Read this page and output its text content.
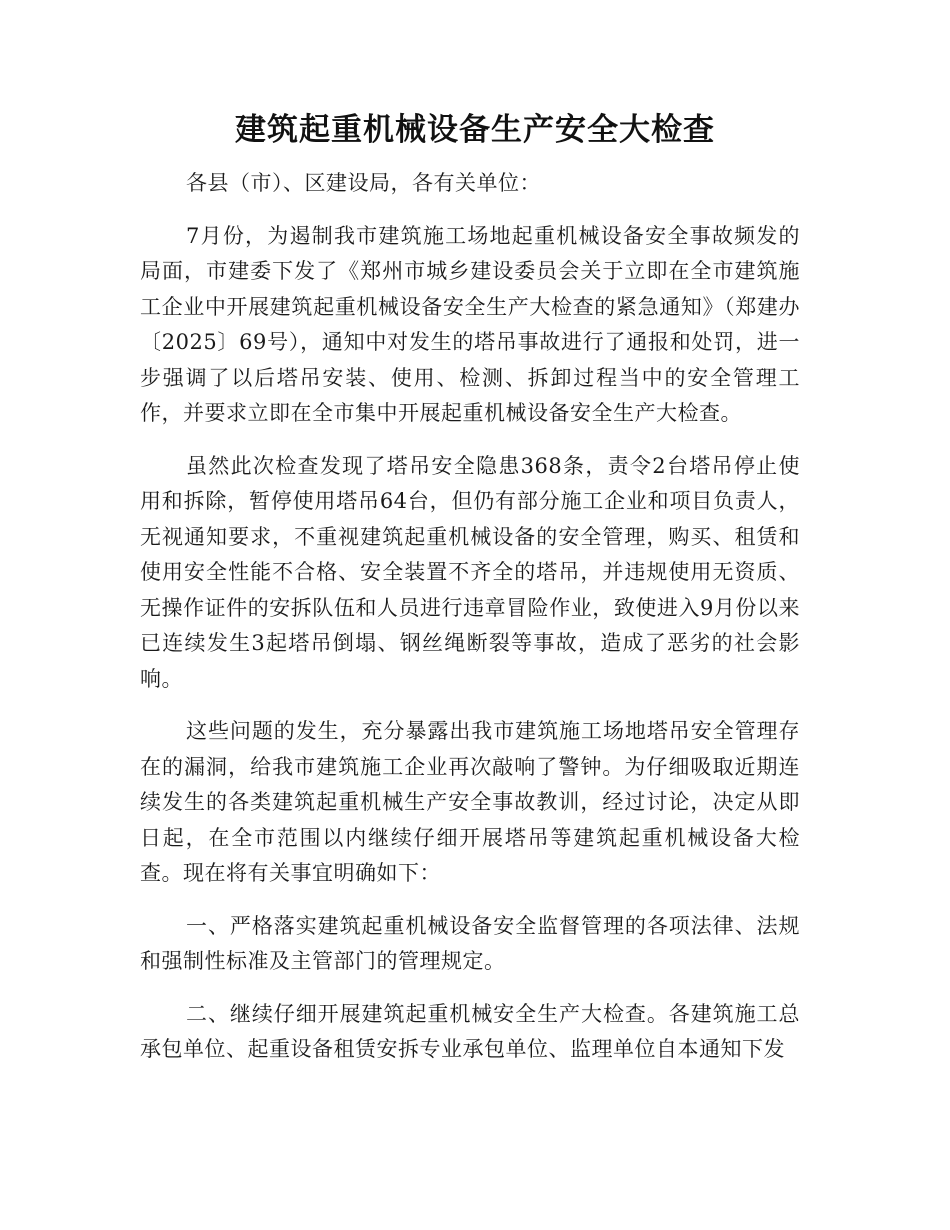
建筑起重机械设备生产安全大检查

各县（市）、区建设局，各有关单位：

7月份，为遏制我市建筑施工场地起重机械设备安全事故频发的局面，市建委下发了《郑州市城乡建设委员会关于立即在全市建筑施工企业中开展建筑起重机械设备安全生产大检查的紧急通知》（郑建办〔2025〕69号），通知中对发生的塔吊事故进行了通报和处罚，进一步强调了以后塔吊安装、使用、检测、拆卸过程当中的安全管理工作，并要求立即在全市集中开展起重机械设备安全生产大检查。

虽然此次检查发现了塔吊安全隐患368条，责令2台塔吊停止使用和拆除，暂停使用塔吊64台，但仍有部分施工企业和项目负责人，无视通知要求，不重视建筑起重机械设备的安全管理，购买、租赁和使用安全性能不合格、安全装置不齐全的塔吊，并违规使用无资质、无操作证件的安拆队伍和人员进行违章冒险作业，致使进入9月份以来已连续发生3起塔吊倒塌、钢丝绳断裂等事故，造成了恶劣的社会影响。

这些问题的发生，充分暴露出我市建筑施工场地塔吊安全管理存在的漏洞，给我市建筑施工企业再次敲响了警钟。为仔细吸取近期连续发生的各类建筑起重机械生产安全事故教训，经过讨论，决定从即日起，在全市范围以内继续仔细开展塔吊等建筑起重机械设备大检查。现在将有关事宜明确如下：

一、严格落实建筑起重机械设备安全监督管理的各项法律、法规和强制性标准及主管部门的管理规定。

二、继续仔细开展建筑起重机械安全生产大检查。各建筑施工总承包单位、起重设备租赁安拆专业承包单位、监理单位自本通知下发
